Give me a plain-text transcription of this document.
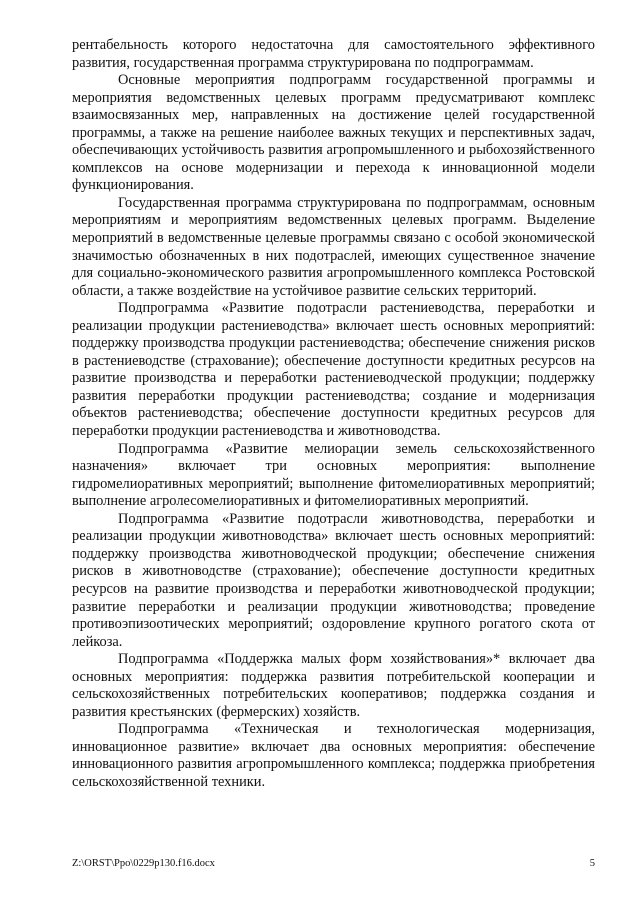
рентабельность которого недостаточна для самостоятельного эффективного развития, государственная программа структурирована по подпрограммам.

Основные мероприятия подпрограмм государственной программы и мероприятия ведомственных целевых программ предусматривают комплекс взаимосвязанных мер, направленных на достижение целей государственной программы, а также на решение наиболее важных текущих и перспективных задач, обеспечивающих устойчивость развития агропромышленного и рыбохозяйственного комплексов на основе модернизации и перехода к инновационной модели функционирования.

Государственная программа структурирована по подпрограммам, основным мероприятиям и мероприятиям ведомственных целевых программ. Выделение мероприятий в ведомственные целевые программы связано с особой экономической значимостью обозначенных в них подотраслей, имеющих существенное значение для социально-экономического развития агропромышленного комплекса Ростовской области, а также воздействие на устойчивое развитие сельских территорий.

Подпрограмма «Развитие подотрасли растениеводства, переработки и реализации продукции растениеводства» включает шесть основных мероприятий: поддержку производства продукции растениеводства; обеспечение снижения рисков в растениеводстве (страхование); обеспечение доступности кредитных ресурсов на развитие производства и переработки растениеводческой продукции; поддержку развития переработки продукции растениеводства; создание и модернизация объектов растениеводства; обеспечение доступности кредитных ресурсов для переработки продукции растениеводства и животноводства.

Подпрограмма «Развитие мелиорации земель сельскохозяйственного назначения» включает три основных мероприятия: выполнение гидромелиоративных мероприятий; выполнение фитомелиоративных мероприятий; выполнение агролесомелиоративных и фитомелиоративных мероприятий.

Подпрограмма «Развитие подотрасли животноводства, переработки и реализации продукции животноводства» включает шесть основных мероприятий: поддержку производства животноводческой продукции; обеспечение снижения рисков в животноводстве (страхование); обеспечение доступности кредитных ресурсов на развитие производства и переработки животноводческой продукции; развитие переработки и реализации продукции животноводства; проведение противоэпизоотических мероприятий; оздоровление крупного рогатого скота от лейкоза.

Подпрограмма «Поддержка малых форм хозяйствования»* включает два основных мероприятия: поддержка развития потребительской кооперации и сельскохозяйственных потребительских кооперативов; поддержка создания и развития крестьянских (фермерских) хозяйств.

Подпрограмма «Техническая и технологическая модернизация, инновационное развитие» включает два основных мероприятия: обеспечение инновационного развития агропромышленного комплекса; поддержка приобретения сельскохозяйственной техники.

Z:\ORST\Ppo\0229p130.f16.docx	5
